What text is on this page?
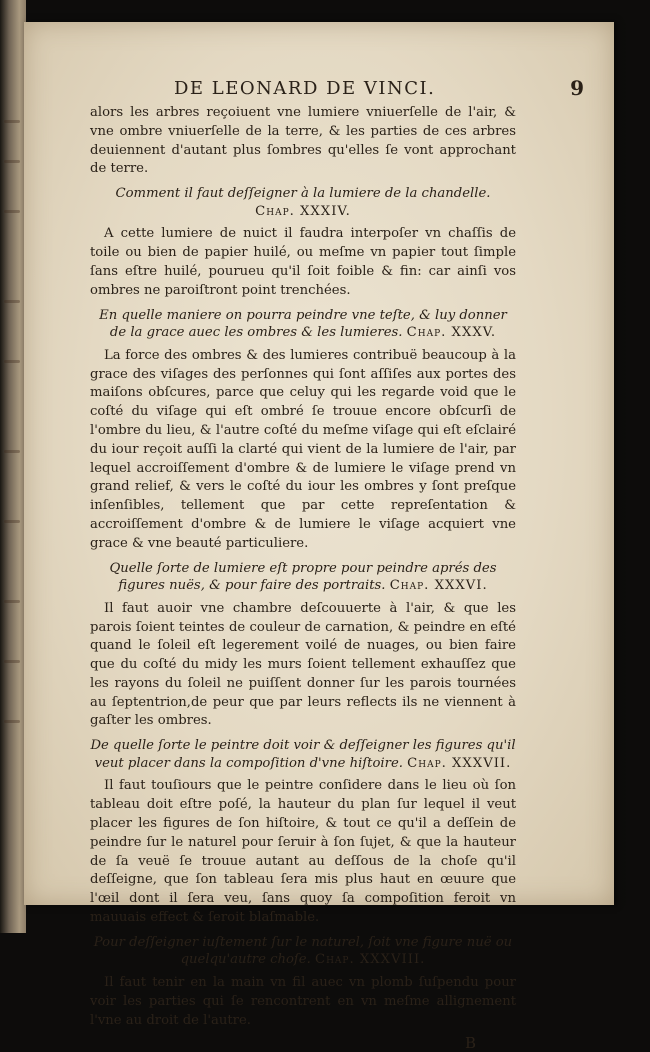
DE LEONARD DE VINCI.	9

alors les arbres reçoiuent vne lumiere vniuerſelle de l'air, & vne ombre vniuerſelle de la terre, & les parties de ces arbres deuiennent d'autant plus ſombres qu'elles ſe vont approchant de terre.

Comment il faut deſſeigner à la lumiere de la chandelle.
Chap. XXXIV.

A cette lumiere de nuict il faudra interpoſer vn chaſſis de toile ou bien de papier huilé, ou meſme vn papier tout ſimple ſans eſtre huilé, pourueu qu'il ſoit foible & fin: car ainſi vos ombres ne paroiſtront point trenchées.

En quelle maniere on pourra peindre vne teſte, & luy donner de la grace auec les ombres & les lumieres. Chap. XXXV.

La force des ombres & des lumieres contribuë beaucoup à la grace des viſages des perſonnes qui ſont aſſiſes aux portes des maiſons obſcures, parce que celuy qui les regarde void que le coſté du viſage qui eſt ombré ſe trouue encore obſcurſi de l'ombre du lieu, & l'autre coſté du meſme viſage qui eſt eſclairé du iour reçoit auſſi la clarté qui vient de la lumiere de l'air, par lequel accroiſſement d'ombre & de lumiere le viſage prend vn grand relief, & vers le coſté du iour les ombres y ſont preſque inſenſibles, tellement que par cette repreſentation & accroiſſement d'ombre & de lumiere le viſage acquiert vne grace & vne beauté particuliere.

Quelle ſorte de lumiere eſt propre pour peindre aprés des figures nuës, & pour faire des portraits. Chap. XXXVI.

Il faut auoir vne chambre deſcouuerte à l'air, & que les parois ſoient teintes de couleur de carnation, & peindre en eſté quand le ſoleil eſt legerement voilé de nuages, ou bien faire que du coſté du midy les murs ſoient tellement exhauſſez que les rayons du ſoleil ne puiſſent donner ſur les parois tournées au ſeptentrion,de peur que par leurs reflects ils ne viennent à gaſter les ombres.

De quelle ſorte le peintre doit voir & deſſeigner les figures qu'il veut placer dans la compoſition d'vne hiſtoire. Chap. XXXVII.

Il faut touſiours que le peintre conſidere dans le lieu où ſon tableau doit eſtre poſé, la hauteur du plan ſur lequel il veut placer les figures de ſon hiſtoire, & tout ce qu'il a deſſein de peindre ſur le naturel pour ſeruir à ſon ſujet, & que la hauteur de ſa veuë ſe trouue autant au deſſous de la choſe qu'il deſſeigne, que ſon tableau ſera mis plus haut en œuure que l'œil dont il ſera veu, ſans quoy ſa compoſition feroit vn mauuais effect & ſeroit blaſmable.

Pour deſſeigner iuſtement ſur le naturel, ſoit vne figure nuë ou quelqu'autre choſe. Chap. XXXVIII.

Il faut tenir en la main vn fil auec vn plomb ſuſpendu pour voir les parties qui ſe rencontrent en vn meſme allignement l'vne au droit de l'autre.

B
